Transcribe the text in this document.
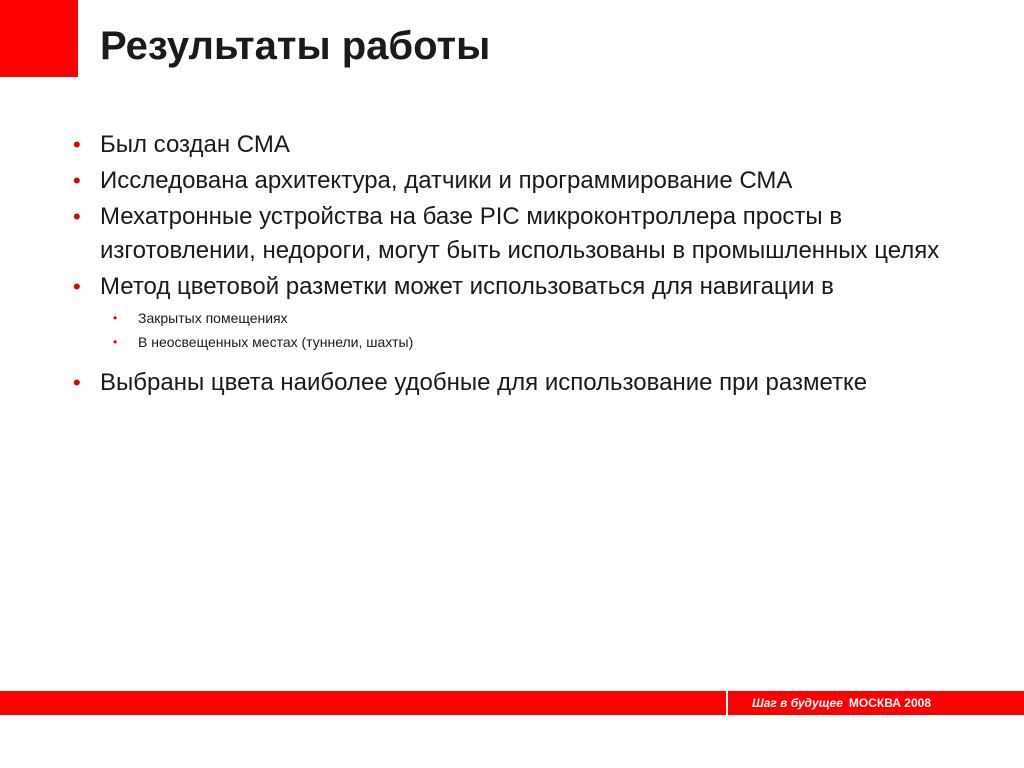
Результаты работы
• Был создан СМА
• Исследована архитектура, датчики и программирование СМА
• Мехатронные устройства на базе PIC микроконтроллера просты в изготовлении, недороги, могут быть использованы в промышленных целях
• Метод цветовой разметки может использоваться для навигации в
• Закрытых помещениях
• В неосвещенных местах (туннели, шахты)
• Выбраны цвета наиболее удобные для использование при разметке
Шаг в будущее МОСКВА 2008
